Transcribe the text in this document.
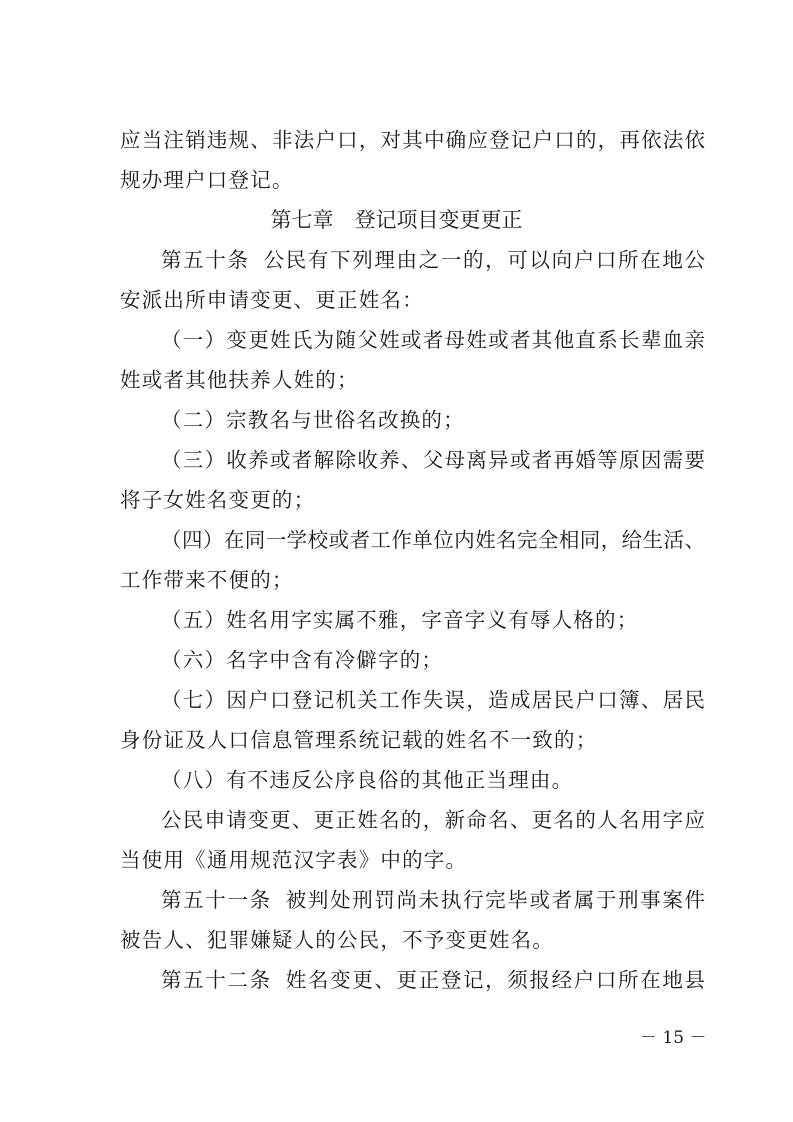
应当注销违规、非法户口，对其中确应登记户口的，再依法依
规办理户口登记。
第七章　登记项目变更更正
第五十条 公民有下列理由之一的，可以向户口所在地公
安派出所申请变更、更正姓名：
（一）变更姓氏为随父姓或者母姓或者其他直系长辈血亲
姓或者其他扶养人姓的；
（二）宗教名与世俗名改换的；
（三）收养或者解除收养、父母离异或者再婚等原因需要
将子女姓名变更的；
（四）在同一学校或者工作单位内姓名完全相同，给生活、
工作带来不便的；
（五）姓名用字实属不雅，字音字义有辱人格的；
（六）名字中含有冷僻字的；
（七）因户口登记机关工作失误，造成居民户口簿、居民
身份证及人口信息管理系统记载的姓名不一致的；
（八）有不违反公序良俗的其他正当理由。
公民申请变更、更正姓名的，新命名、更名的人名用字应
当使用《通用规范汉字表》中的字。
第五十一条 被判处刑罚尚未执行完毕或者属于刑事案件
被告人、犯罪嫌疑人的公民，不予变更姓名。
第五十二条 姓名变更、更正登记，须报经户口所在地县
－ 15 －
